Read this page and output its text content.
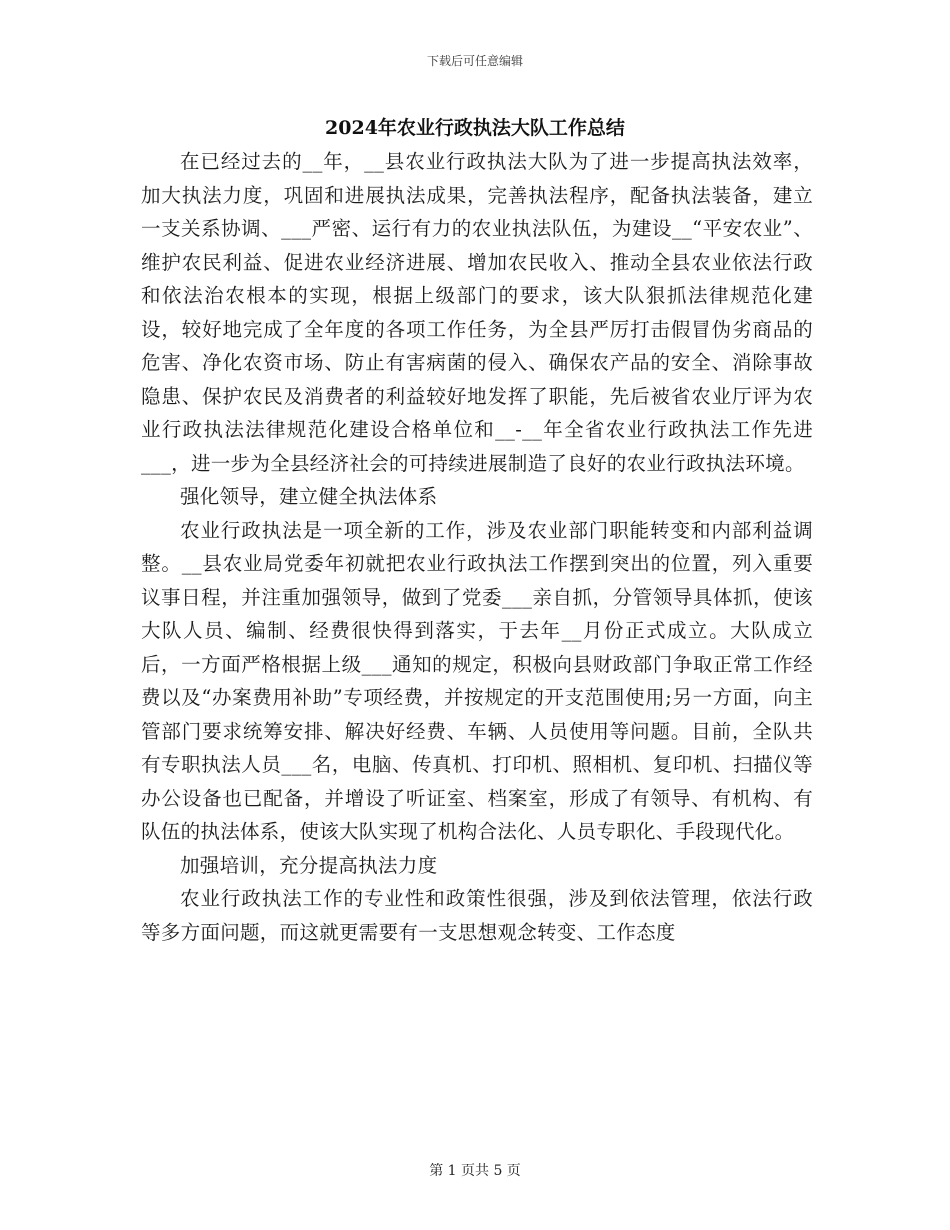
下载后可任意编辑
2024年农业行政执法大队工作总结

在已经过去的__年，__县农业行政执法大队为了进一步提高执法效率，加大执法力度，巩固和进展执法成果，完善执法程序，配备执法装备，建立一支关系协调、___严密、运行有力的农业执法队伍，为建设__“平安农业”、维护农民利益、促进农业经济进展、增加农民收入、推动全县农业依法行政和依法治农根本的实现，根据上级部门的要求，该大队狠抓法律规范化建设，较好地完成了全年度的各项工作任务，为全县严厉打击假冒伪劣商品的危害、净化农资市场、防止有害病菌的侵入、确保农产品的安全、消除事故隐患、保护农民及消费者的利益较好地发挥了职能，先后被省农业厅评为农业行政执法法律规范化建设合格单位和__-__年全省农业行政执法工作先进___，进一步为全县经济社会的可持续进展制造了良好的农业行政执法环境。

强化领导，建立健全执法体系

农业行政执法是一项全新的工作，涉及农业部门职能转变和内部利益调整。__县农业局党委年初就把农业行政执法工作摆到突出的位置，列入重要议事日程，并注重加强领导，做到了党委___亲自抓，分管领导具体抓，使该大队人员、编制、经费很快得到落实，于去年__月份正式成立。大队成立后，一方面严格根据上级___通知的规定，积极向县财政部门争取正常工作经费以及“办案费用补助”专项经费，并按规定的开支范围使用;另一方面，向主管部门要求统筹安排、解决好经费、车辆、人员使用等问题。目前，全队共有专职执法人员___名，电脑、传真机、打印机、照相机、复印机、扫描仪等办公设备也已配备，并增设了听证室、档案室，形成了有领导、有机构、有队伍的执法体系，使该大队实现了机构合法化、人员专职化、手段现代化。

加强培训，充分提高执法力度

农业行政执法工作的专业性和政策性很强，涉及到依法管理，依法行政等多方面问题，而这就更需要有一支思想观念转变、工作态度

第 1 页共 5 页
